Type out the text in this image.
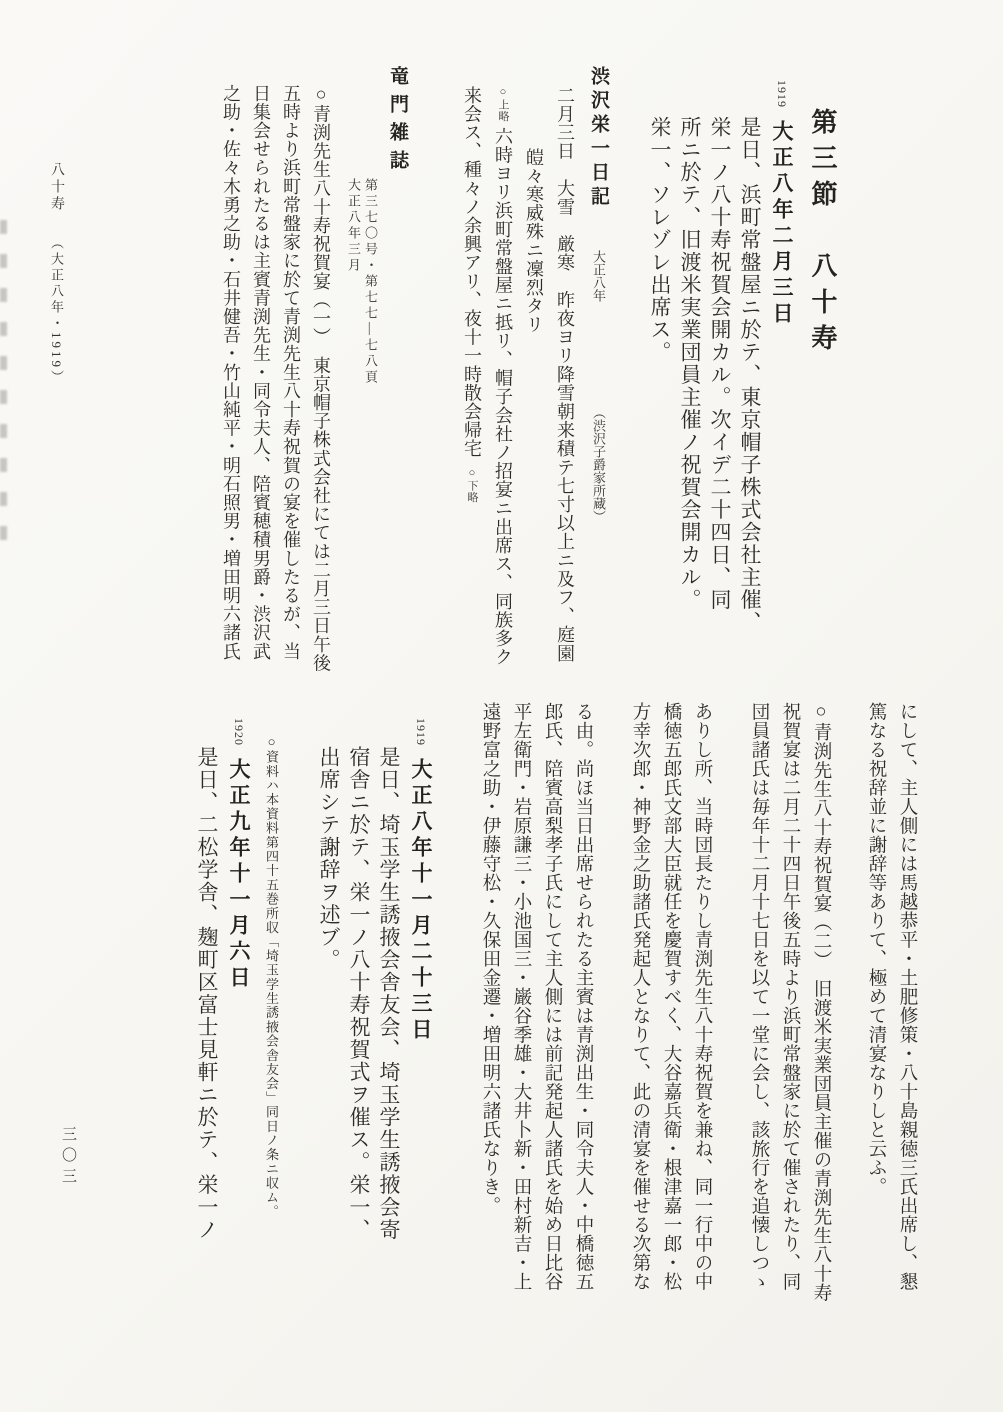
第三節　八十寿

1919 大正八年二月三日

是日、浜町常盤屋ニ於テ、東京帽子株式会社主催、

栄一ノ八十寿祝賀会開カル。次イデ二十四日、同

所ニ於テ、旧渡米実業団員主催ノ祝賀会開カル。

栄一、ソレゾレ出席ス。

渋沢栄一日記 大正八年 （渋沢子爵家所蔵）

二月三日　大雪　厳寒　昨夜ヨリ降雪朝来積テ七寸以上ニ及フ、庭園

皚々寒威殊ニ凜烈タリ

○上略 六時ヨリ浜町常盤屋ニ抵リ、帽子会社ノ招宴ニ出席ス、同族多ク

来会ス、種々ノ余興アリ、夜十一時散会帰宅 ○下略

竜門雑誌

第三七〇号・第七七―七八頁
大正八年三月

○青渕先生八十寿祝賀宴（一）　東京帽子株式会社にては二月三日午後

五時より浜町常盤家に於て青渕先生八十寿祝賀の宴を催したるが、当

日集会せられたるは主賓青渕先生・同令夫人、陪賓穂積男爵・渋沢武

之助・佐々木勇之助・石井健吾・竹山純平・明石照男・増田明六諸氏

八十寿 （大正八年・1919）

にして、主人側には馬越恭平・土肥修策・八十島親徳三氏出席し、懇

篤なる祝辞並に謝辞等ありて、極めて清宴なりしと云ふ。

○青渕先生八十寿祝賀宴（二）　旧渡米実業団員主催の青渕先生八十寿

祝賀宴は二月二十四日午後五時より浜町常盤家に於て催されたり、同

団員諸氏は毎年十二月十七日を以て一堂に会し、該旅行を追懐しつゝ

ありし所、当時団長たりし青渕先生八十寿祝賀を兼ね、同一行中の中

橋徳五郎氏文部大臣就任を慶賀すべく、大谷嘉兵衛・根津嘉一郎・松

方幸次郎・神野金之助諸氏発起人となりて、此の清宴を催せる次第な

る由。尚ほ当日出席せられたる主賓は青渕出生・同令夫人・中橋徳五

郎氏、陪賓高梨孝子氏にして主人側には前記発起人諸氏を始め日比谷

平左衛門・岩原謙三・小池国三・巌谷季雄・大井卜新・田村新吉・上

遠野富之助・伊藤守松・久保田金遷・増田明六諸氏なりき。

1919 大正八年十一月二十三日

是日、埼玉学生誘掖会舎友会、埼玉学生誘掖会寄

宿舎ニ於テ、栄一ノ八十寿祝賀式ヲ催ス。栄一、

出席シテ謝辞ヲ述ブ。

○資料ハ本資料第四十五巻所収「埼玉学生誘掖会舎友会」同日ノ条ニ収ム。

1920 大正九年十一月六日

是日、二松学舎、麹町区富士見軒ニ於テ、栄一ノ

三〇三
